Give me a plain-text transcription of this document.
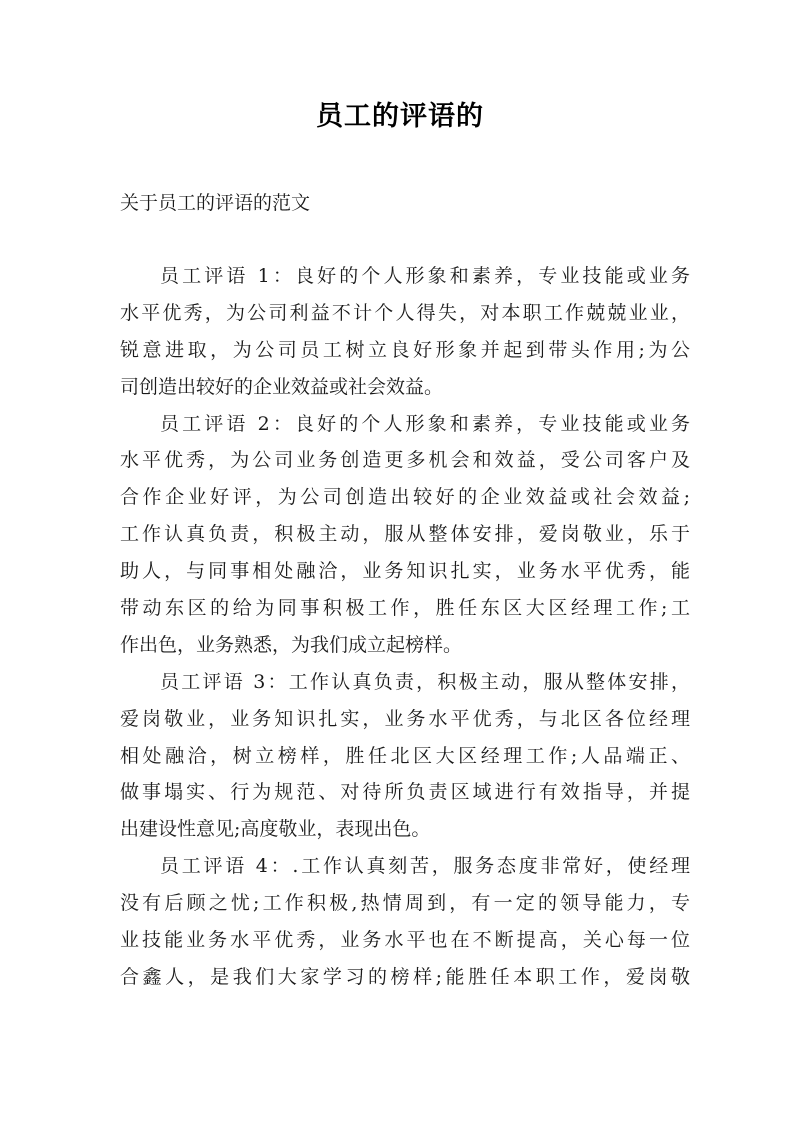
员工的评语的
关于员工的评语的范文
员工评语 1：良好的个人形象和素养，专业技能或业务
水平优秀，为公司利益不计个人得失，对本职工作兢兢业业，
锐意进取，为公司员工树立良好形象并起到带头作用;为公
司创造出较好的企业效益或社会效益。
员工评语 2：良好的个人形象和素养，专业技能或业务
水平优秀，为公司业务创造更多机会和效益，受公司客户及
合作企业好评，为公司创造出较好的企业效益或社会效益;
工作认真负责，积极主动，服从整体安排，爱岗敬业，乐于
助人，与同事相处融洽，业务知识扎实，业务水平优秀，能
带动东区的给为同事积极工作，胜任东区大区经理工作;工
作出色，业务熟悉，为我们成立起榜样。
员工评语 3：工作认真负责，积极主动，服从整体安排，
爱岗敬业，业务知识扎实，业务水平优秀，与北区各位经理
相处融洽，树立榜样，胜任北区大区经理工作;人品端正、
做事塌实、行为规范、对待所负责区域进行有效指导，并提
出建设性意见;高度敬业，表现出色。
员工评语 4：.工作认真刻苦，服务态度非常好，使经理
没有后顾之忧;工作积极,热情周到，有一定的领导能力，专
业技能业务水平优秀，业务水平也在不断提高，关心每一位
合鑫人，是我们大家学习的榜样;能胜任本职工作，爱岗敬
